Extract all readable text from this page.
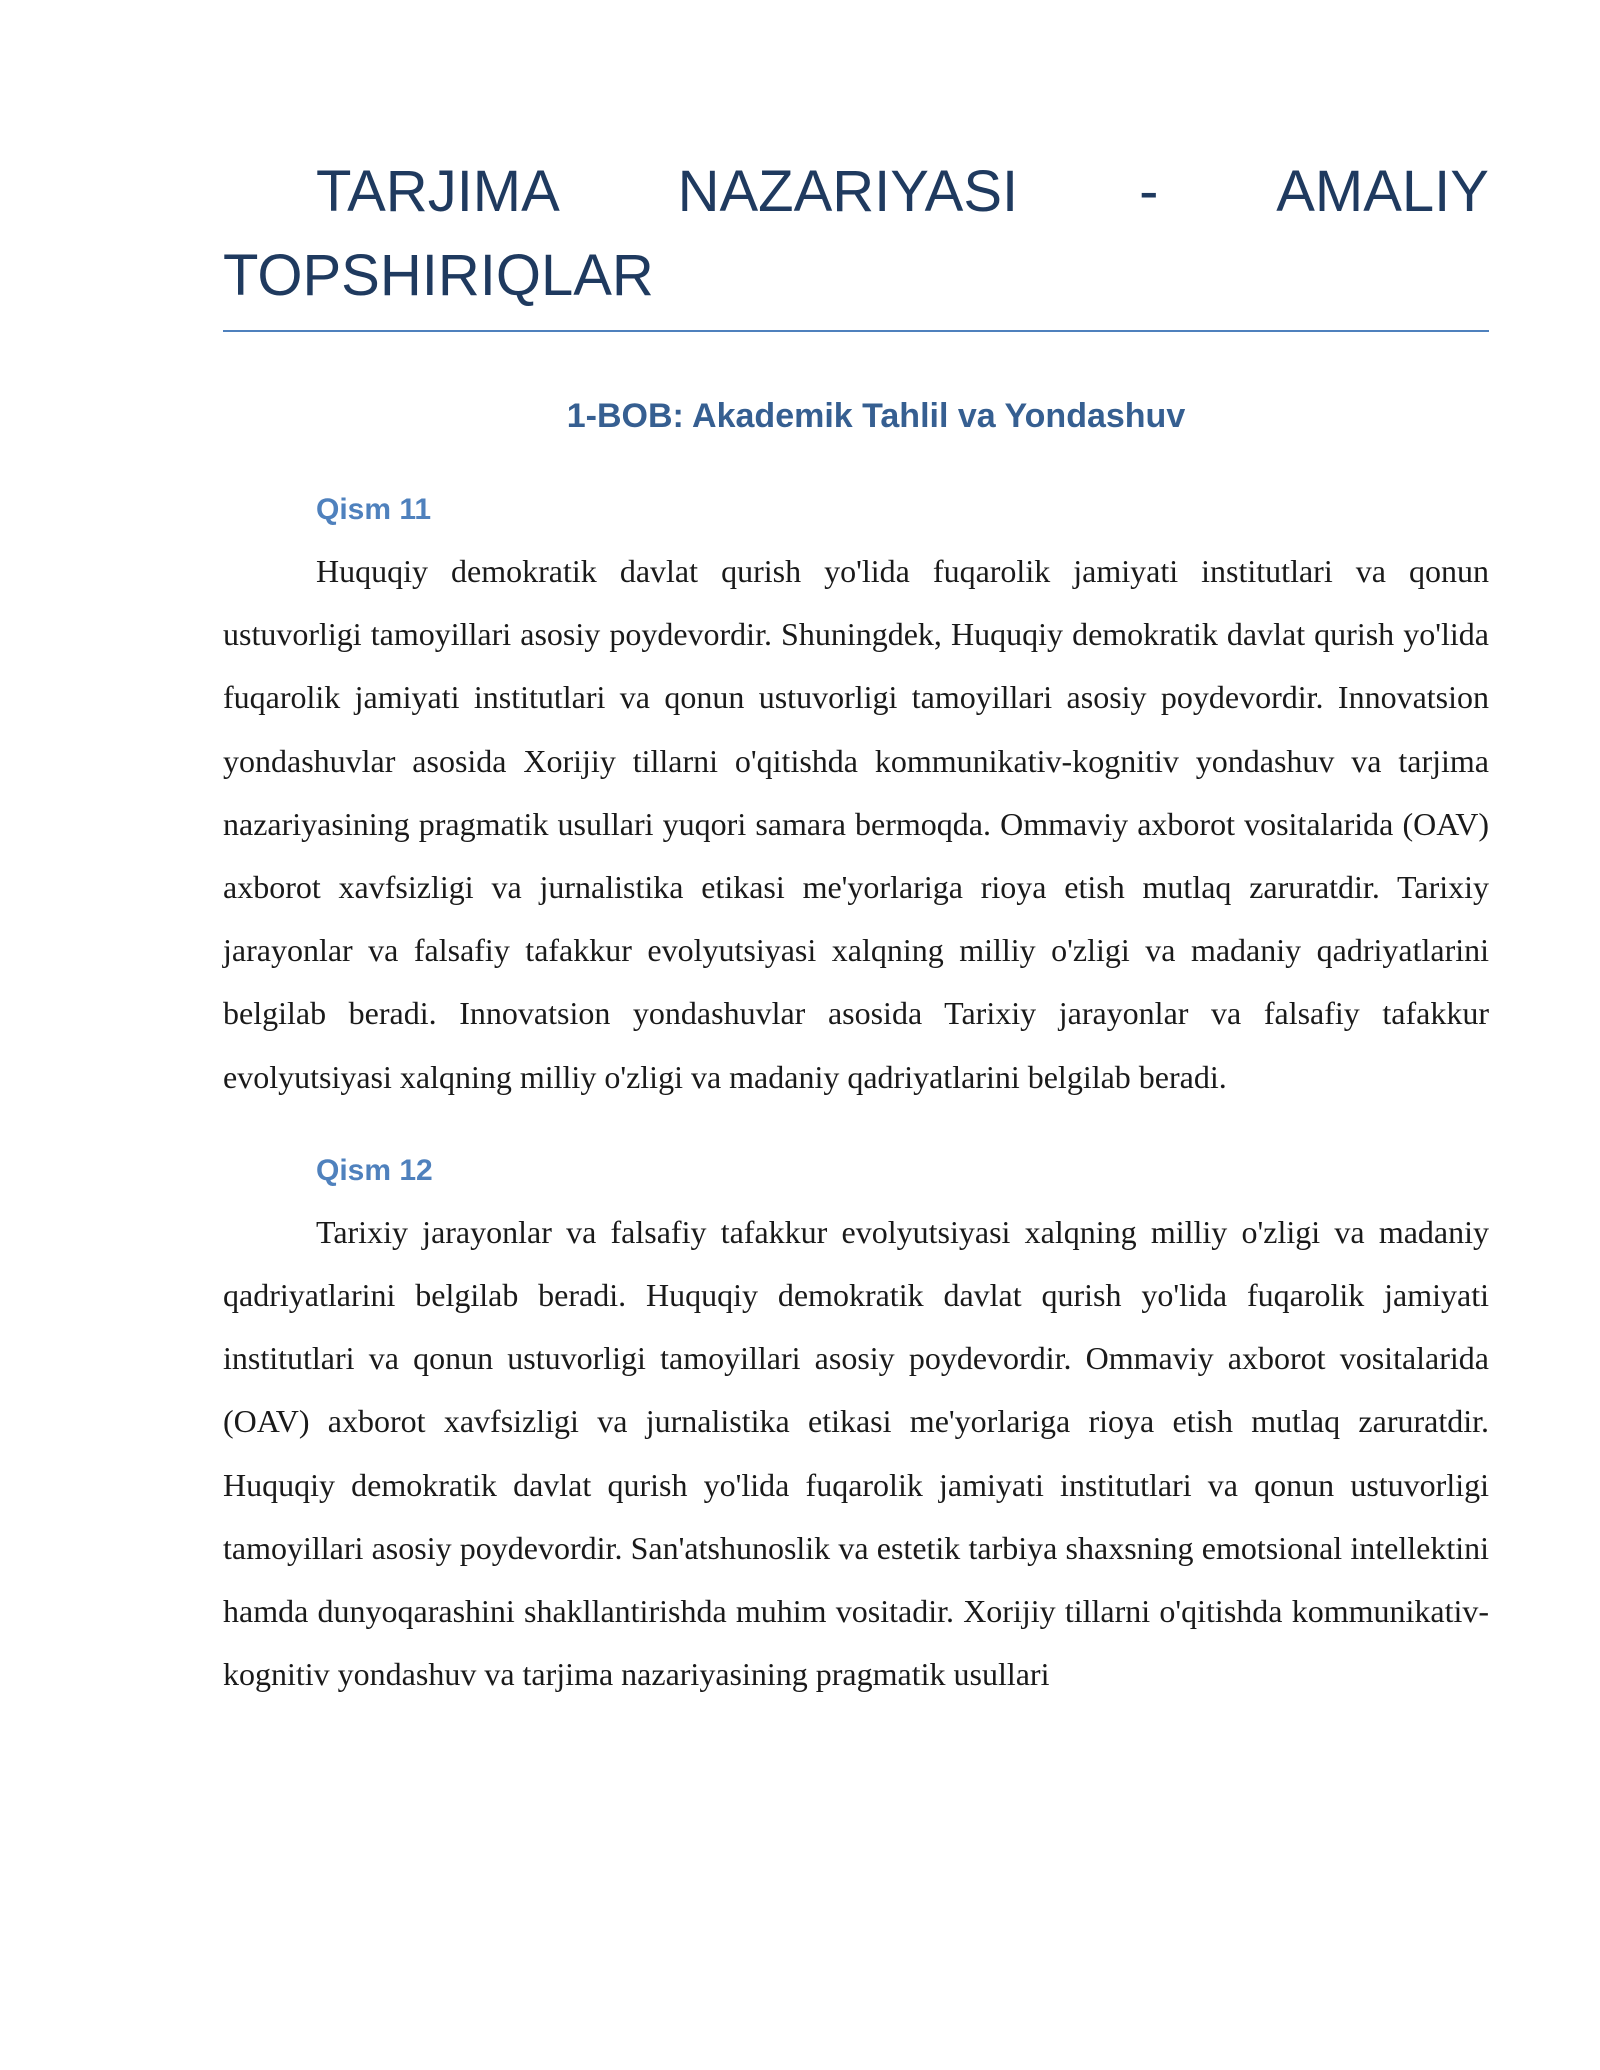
TARJIMA NAZARIYASI - AMALIY TOPSHIRIQLAR
1-BOB: Akademik Tahlil va Yondashuv
Qism 11

Huquqiy demokratik davlat qurish yo'lida fuqarolik jamiyati institutlari va qonun ustuvorligi tamoyillari asosiy poydevordir. Shuningdek, Huquqiy demokratik davlat qurish yo'lida fuqarolik jamiyati institutlari va qonun ustuvorligi tamoyillari asosiy poydevordir. Innovatsion yondashuvlar asosida Xorijiy tillarni o'qitishda kommunikativ-kognitiv yondashuv va tarjima nazariyasining pragmatik usullari yuqori samara bermoqda. Ommaviy axborot vositalarida (OAV) axborot xavfsizligi va jurnalistika etikasi me'yorlariga rioya etish mutlaq zaruratdir. Tarixiy jarayonlar va falsafiy tafakkur evolyutsiyasi xalqning milliy o'zligi va madaniy qadriyatlarini belgilab beradi. Innovatsion yondashuvlar asosida Tarixiy jarayonlar va falsafiy tafakkur evolyutsiyasi xalqning milliy o'zligi va madaniy qadriyatlarini belgilab beradi.

Qism 12

Tarixiy jarayonlar va falsafiy tafakkur evolyutsiyasi xalqning milliy o'zligi va madaniy qadriyatlarini belgilab beradi. Huquqiy demokratik davlat qurish yo'lida fuqarolik jamiyati institutlari va qonun ustuvorligi tamoyillari asosiy poydevordir. Ommaviy axborot vositalarida (OAV) axborot xavfsizligi va jurnalistika etikasi me'yorlariga rioya etish mutlaq zaruratdir. Huquqiy demokratik davlat qurish yo'lida fuqarolik jamiyati institutlari va qonun ustuvorligi tamoyillari asosiy poydevordir. San'atshunoslik va estetik tarbiya shaxsning emotsional intellektini hamda dunyoqarashini shakllantirishda muhim vositadir. Xorijiy tillarni o'qitishda kommunikativ-kognitiv yondashuv va tarjima nazariyasining pragmatik usullari
